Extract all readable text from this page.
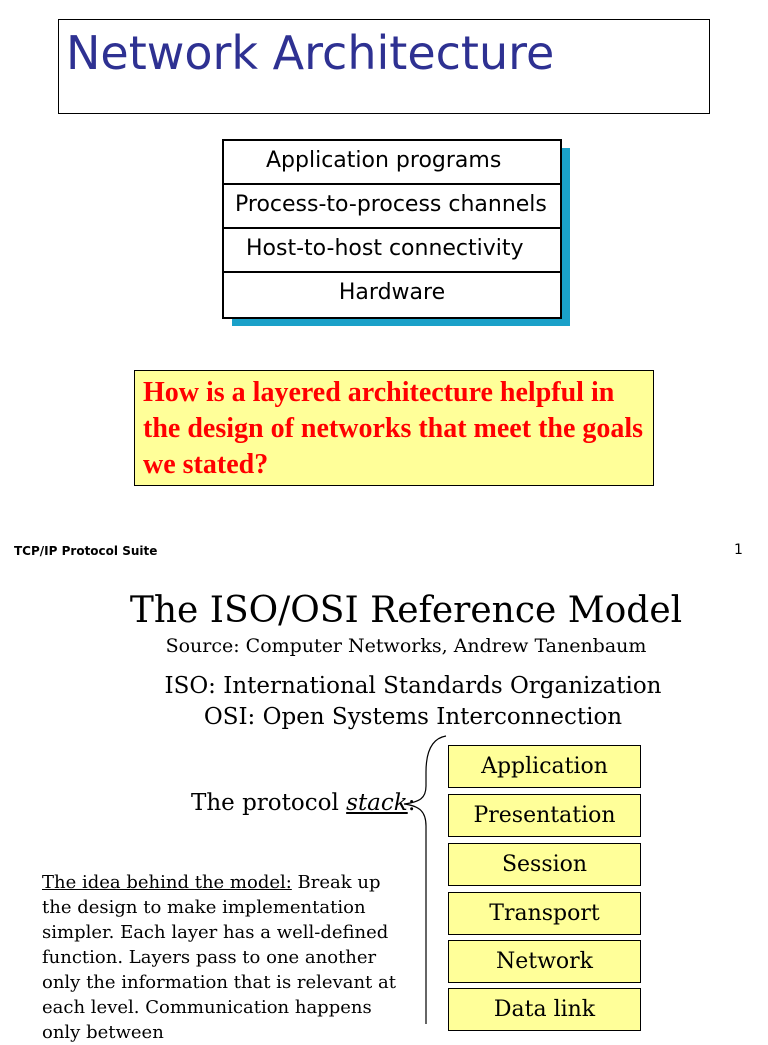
Network Architecture
Application programs
Process-to-process channels
Host-to-host connectivity
Hardware
How is a layered architecture helpful in the design of networks that meet the goals we stated?
TCP/IP Protocol Suite	1
The ISO/OSI Reference Model
Source: Computer Networks, Andrew Tanenbaum
ISO: International Standards Organization
OSI: Open Systems Interconnection
The protocol stack:
The idea behind the model: Break up the design to make implementation simpler. Each layer has a well-defined function. Layers pass to one another only the information that is relevant at each level. Communication happens only between
Application
Presentation
Session
Transport
Network
Data link
